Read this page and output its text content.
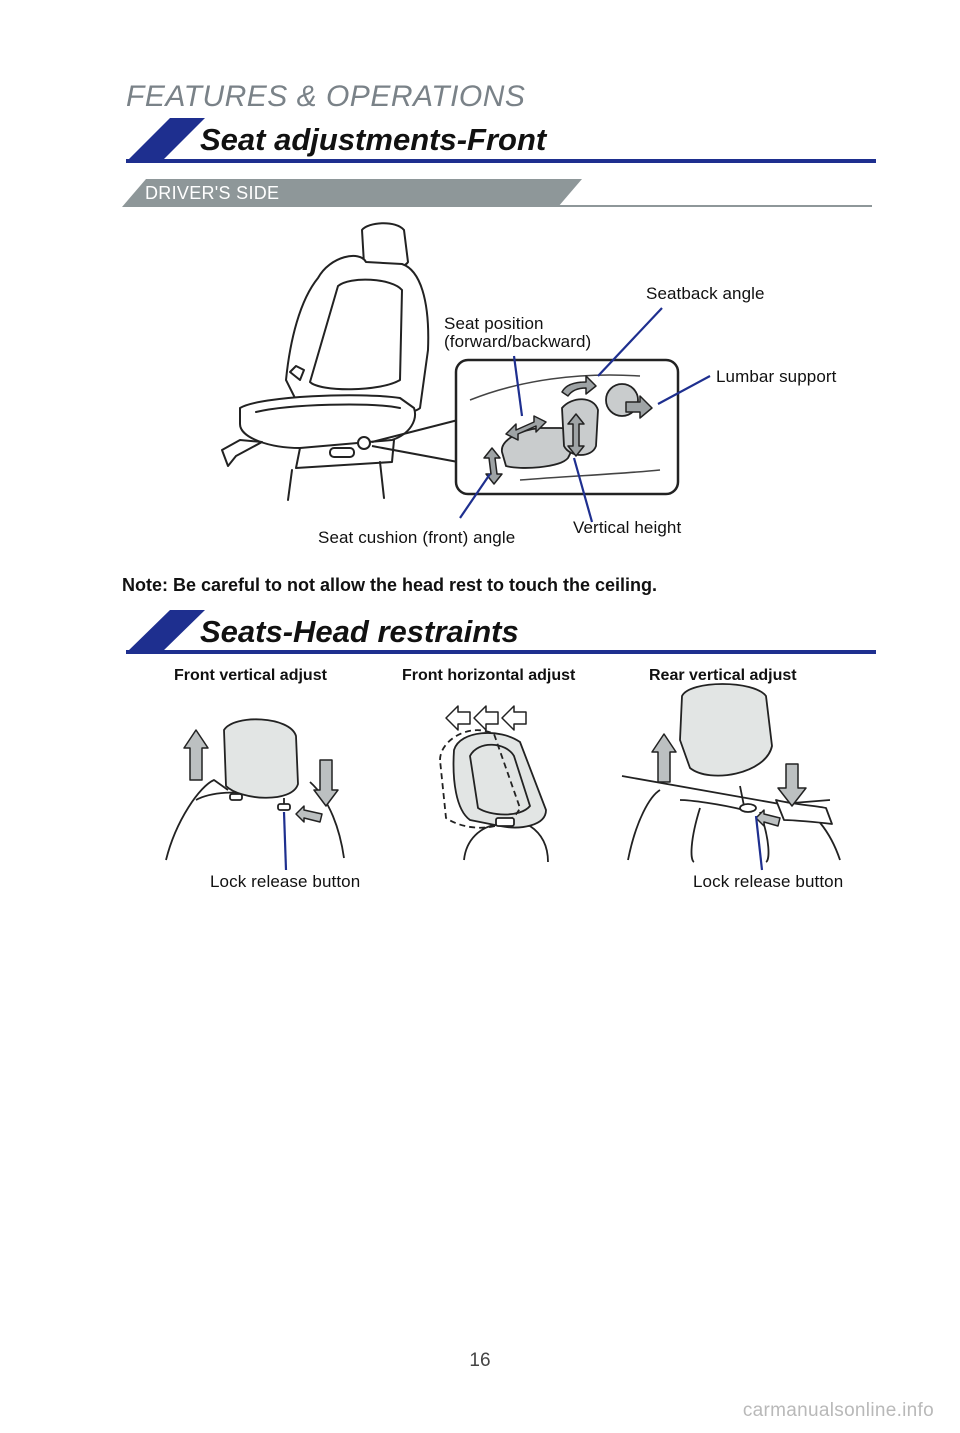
FEATURES & OPERATIONS
Seat adjustments-Front
DRIVER'S SIDE
Seatback angle
Seat position
(forward/backward)
Lumbar support
Seat cushion (front) angle
Vertical height
Note: Be careful to not allow the head rest to touch the ceiling.
Seats-Head restraints
Front vertical adjust	Front horizontal adjust	Rear vertical adjust
Lock release button	Lock release button
16
carmanualsonline.info
